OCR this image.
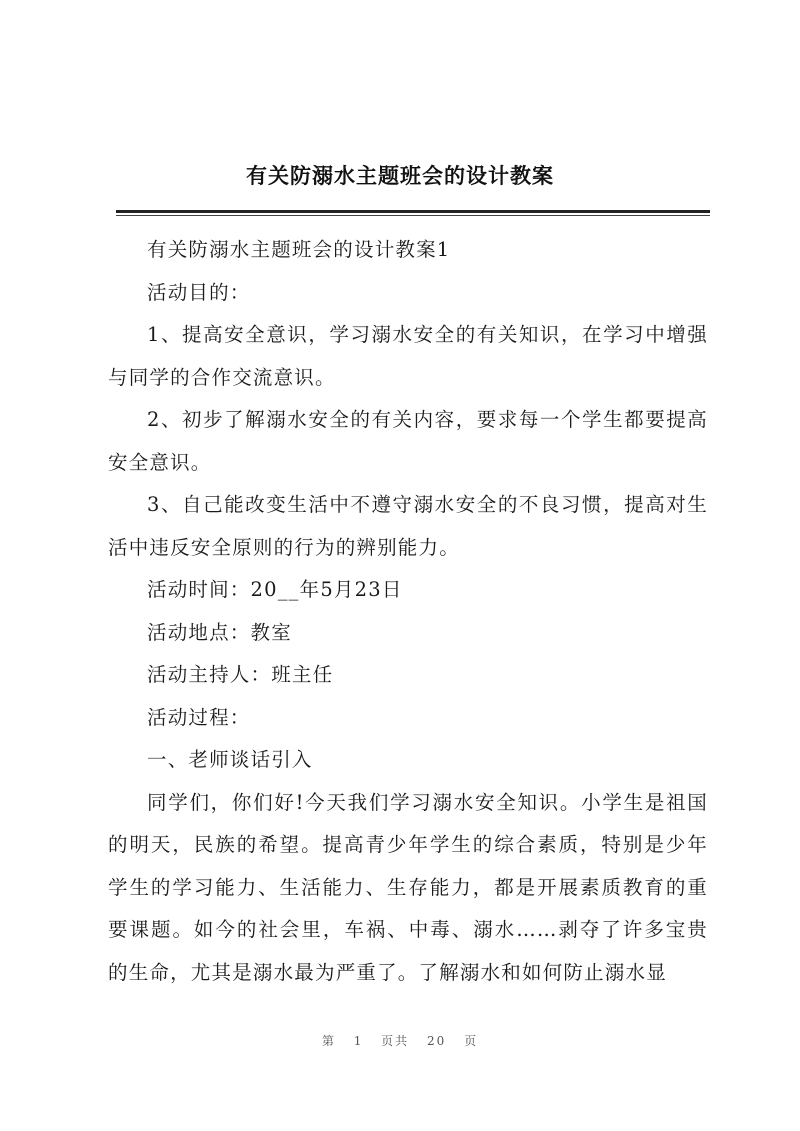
有关防溺水主题班会的设计教案

有关防溺水主题班会的设计教案1

活动目的：

1、提高安全意识，学习溺水安全的有关知识，在学习中增强与同学的合作交流意识。

2、初步了解溺水安全的有关内容，要求每一个学生都要提高安全意识。

3、自己能改变生活中不遵守溺水安全的不良习惯，提高对生活中违反安全原则的行为的辨别能力。

活动时间：20__年5月23日

活动地点：教室

活动主持人：班主任

活动过程：

一、老师谈话引入

同学们，你们好!今天我们学习溺水安全知识。小学生是祖国的明天，民族的希望。提高青少年学生的综合素质，特别是少年学生的学习能力、生活能力、生存能力，都是开展素质教育的重要课题。如今的社会里，车祸、中毒、溺水……剥夺了许多宝贵的生命，尤其是溺水最为严重了。了解溺水和如何防止溺水显

第 1 页共 20 页
